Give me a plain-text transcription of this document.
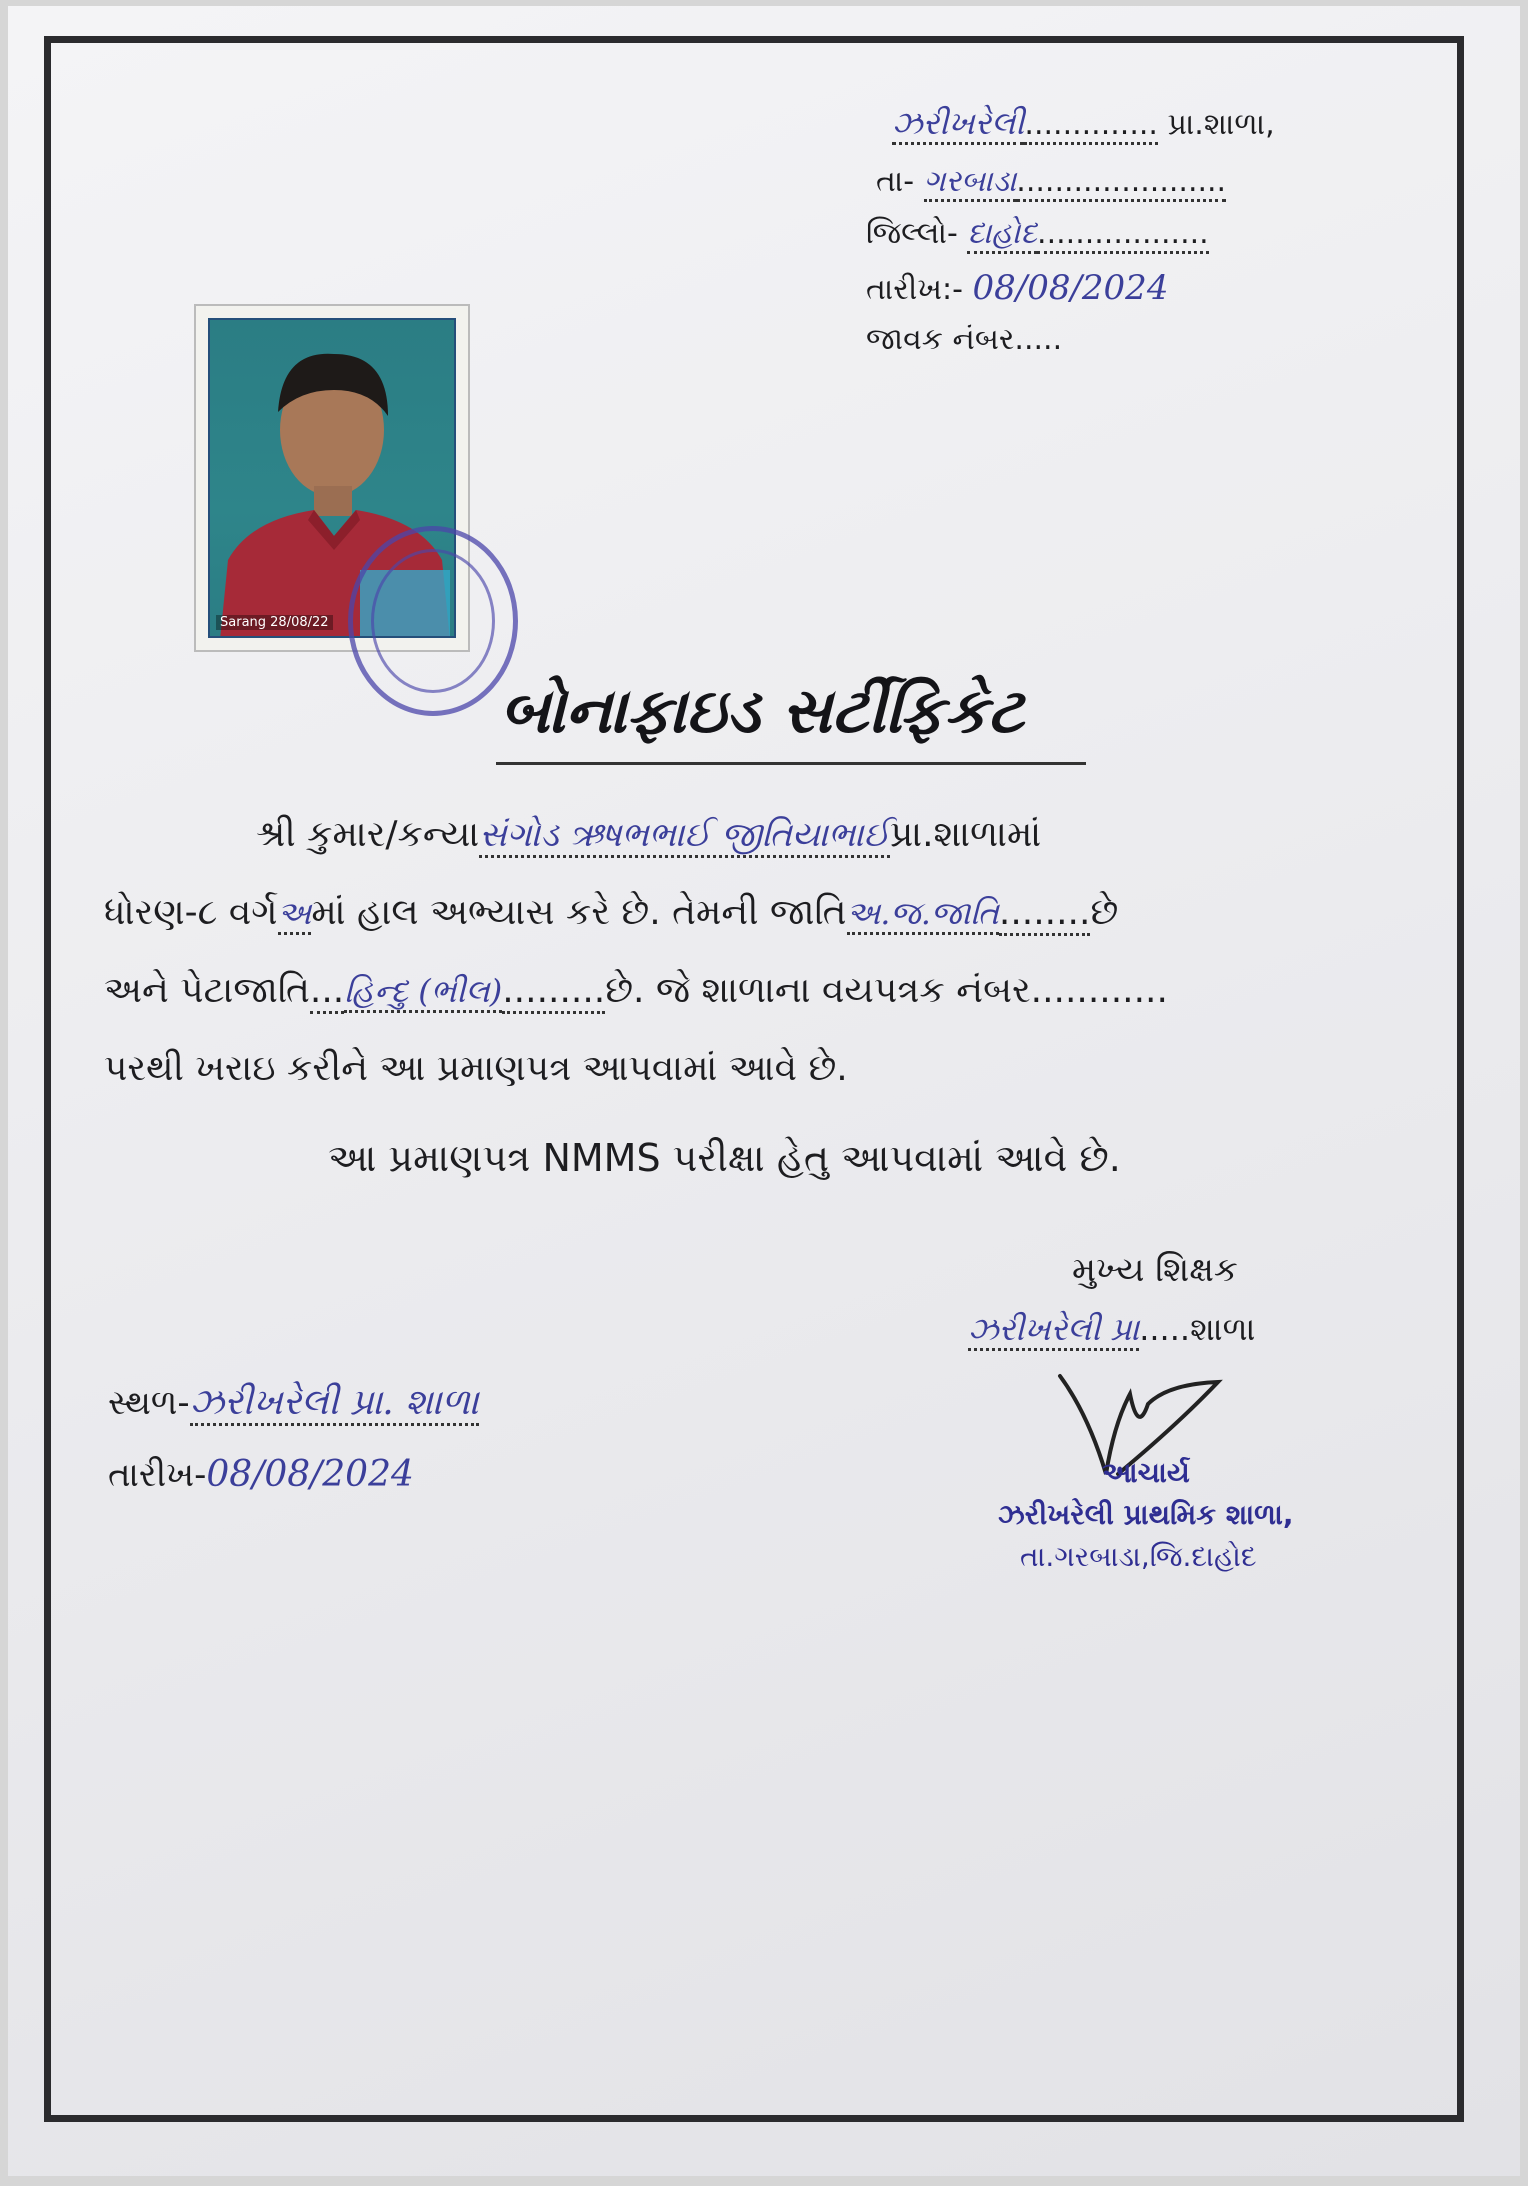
ઝરીખરેલી.............. પ્રા.શાળા,
તા- ગરબાડા......................
જિલ્લો- દાહોદ..................
તારીખ:- 08/08/2024
જાવક નંબર.....
Sarang 28/08/22
બોનાફાઇડ સર્ટીફિકેટ
શ્રી કુમાર/કન્યાસંગોડ ઋષભભાઈ જીતિયાભાઈપ્રા.શાળામાં
ધોરણ-૮ વર્ગઅમાં હાલ અભ્યાસ કરે છે. તેમની જાતિઅ.જ.જાતિ........છે
અને પેટાજાતિ...હિન્દુ (ભીલ).........છે. જે શાળાના વયપત્રક નંબર............
પરથી ખરાઇ કરીને આ પ્રમાણપત્ર આપવામાં આવે છે.
આ પ્રમાણપત્ર NMMS પરીક્ષા હેતુ આપવામાં આવે છે.
મુખ્ય શિક્ષક
ઝરીખરેલી પ્રા.....શાળા
આચાર્ય
ઝરીખરેલી પ્રાથમિક શાળા,
તા.ગરબાડા,જિ.દાહોદ
સ્થળ-ઝરીખરેલી પ્રા. શાળા
તારીખ-08/08/2024
